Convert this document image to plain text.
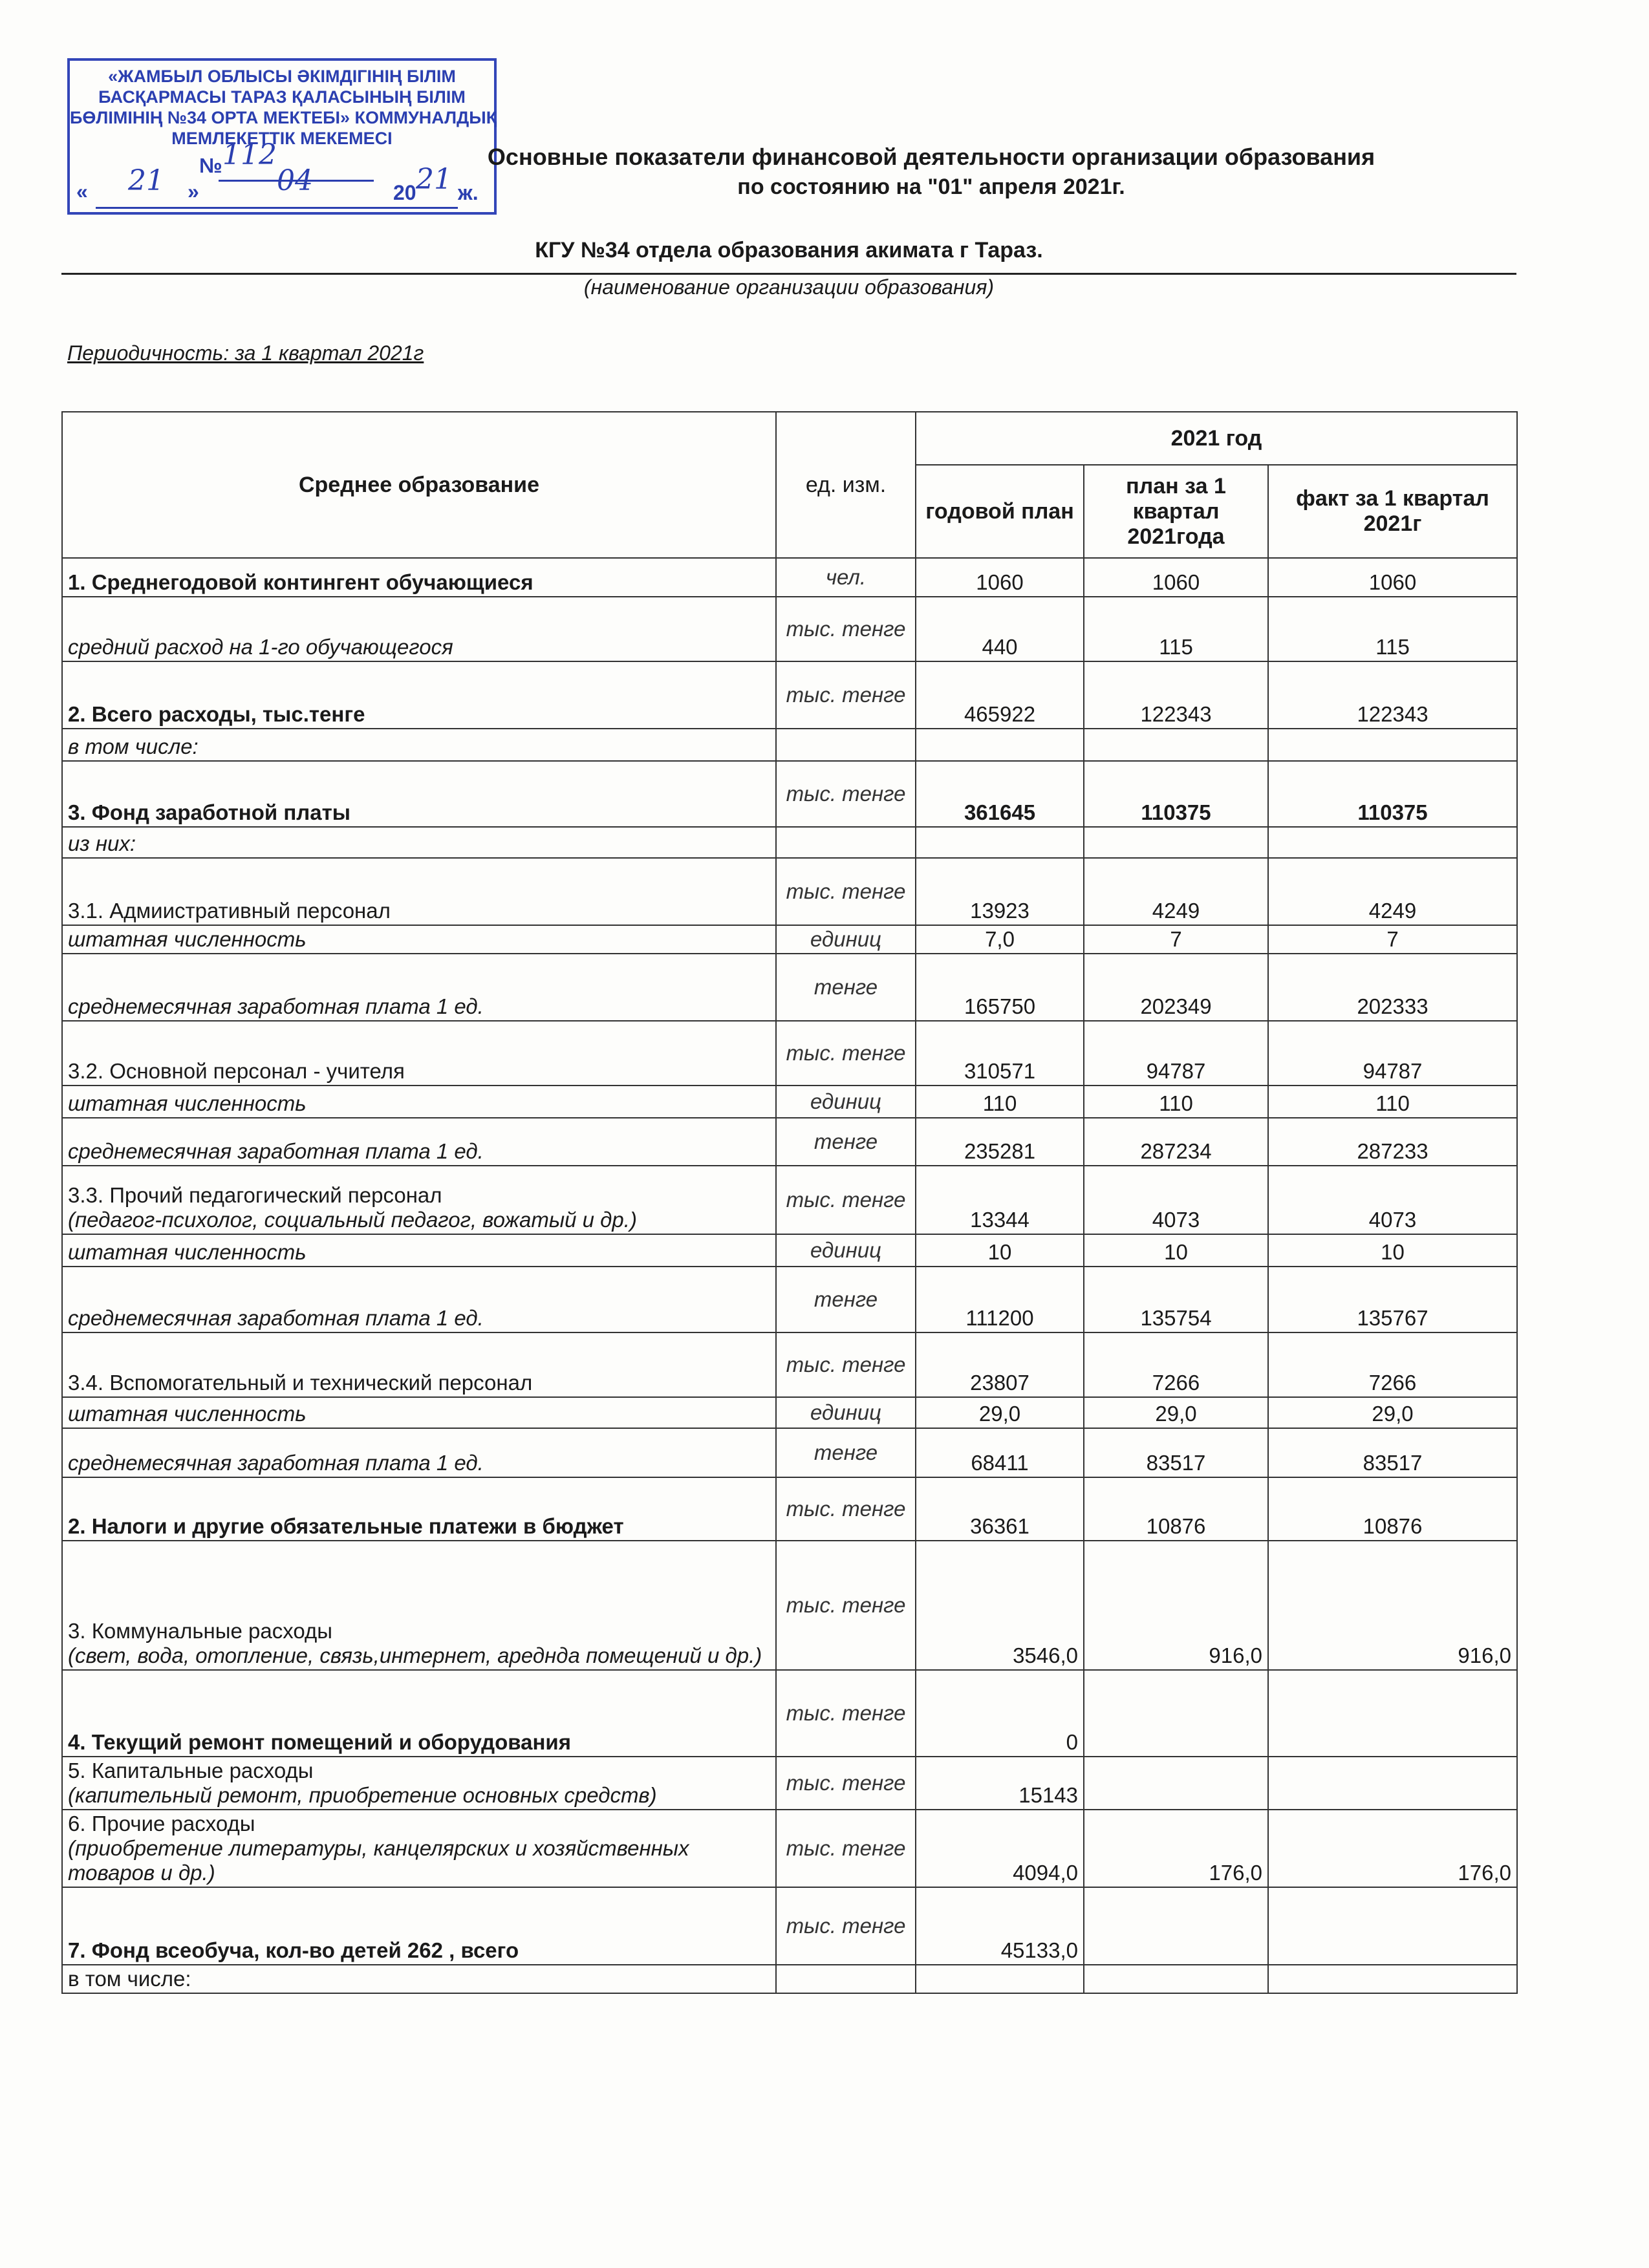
«ЖАМБЫЛ ОБЛЫСЫ ӘКІМДІГІНІҢ БІЛІМ
БАСҚАРМАСЫ ТАРАЗ ҚАЛАСЫНЫҢ БІЛІМ
БӨЛІМІНІҢ №34 ОРТА МЕКТЕБІ» КОММУНАЛДЫҚ
МЕМЛЕКЕТТІК МЕКЕМЕСІ
№ 112
« 21 »	04	20 21 ж.
Основные показатели финансовой деятельности организации образования
по состоянию на "01" апреля 2021г.
КГУ №34 отдела образования акимата г Тараз.
(наименование организации образования)
Периодичность: за 1 квартал 2021г
Среднее образование	ед. изм.	2021 год		
		годовой план	план за 1 квартал 2021года	факт за 1 квартал 2021г

1. Среднегодовой контингент обучающиеся	чел.	1060	1060	1060

средний расход на 1-го обучающегося	тыс. тенге	440	115	115

2. Всего расходы, тыс.тенге	тыс. тенге	465922	122343	122343

в том числе:				

3. Фонд заработной платы	тыс. тенге	361645	110375	110375

из них:				

3.1. Адмииcтративный персонал	тыс. тенге	13923	4249	4249

штатная численность	единиц	7,0	7	7

среднемесячная заработная плата 1 ед.	тенге	165750	202349	202333

3.2. Основной персонал - учителя	тыс. тенге	310571	94787	94787

штатная численность	единиц	110	110	110

среднемесячная заработная плата 1 ед.	тенге	235281	287234	287233

3.3. Прочий педагогический персонал
(педагог-психолог, социальный педагог, вожатый и др.)	тыс. тенге	13344	4073	4073

штатная численность	единиц	10	10	10

среднемесячная заработная плата 1 ед.	тенге	111200	135754	135767

3.4. Вспомогательный и технический персонал	тыс. тенге	23807	7266	7266

штатная численность	единиц	29,0	29,0	29,0

среднемесячная заработная плата 1 ед.	тенге	68411	83517	83517

2. Налоги и другие обязательные платежи в бюджет	тыс. тенге	36361	10876	10876

3. Коммунальные расходы
(свет, вода, отопление, связь,интернет, ареднда помещений и др.)	тыс. тенге	3546,0	916,0	916,0

4. Текущий ремонт помещений и оборудования	тыс. тенге	0		

5. Капитальные расходы
(капительный ремонт, приобретение основных средств)	тыс. тенге	15143		

6. Прочие расходы
(приобретение литературы, канцелярских и хозяйственных товаров и др.)	тыс. тенге	4094,0	176,0	176,0

7. Фонд всеобуча, кол-во детей 262 , всего	тыс. тенге	45133,0		

в том числе:				
